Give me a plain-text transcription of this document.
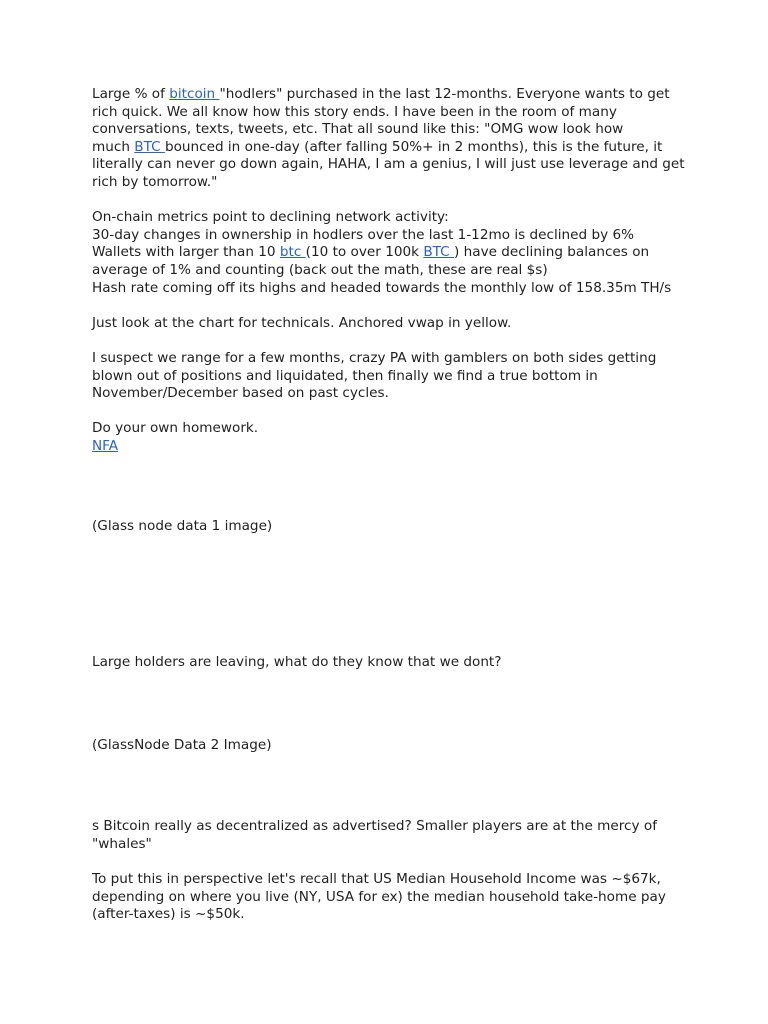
Large % of bitcoin "hodlers" purchased in the last 12-months. Everyone wants to get

rich quick. We all know how this story ends. I have been in the room of many

conversations, texts, tweets, etc. That all sound like this: "OMG wow look how

much BTC bounced in one-day (after falling 50%+ in 2 months), this is the future, it

literally can never go down again, HAHA, I am a genius, I will just use leverage and get

rich by tomorrow."

On-chain metrics point to declining network activity:

30-day changes in ownership in hodlers over the last 1-12mo is declined by 6%

Wallets with larger than 10 btc (10 to over 100k BTC ) have declining balances on

average of 1% and counting (back out the math, these are real $s)

Hash rate coming off its highs and headed towards the monthly low of 158.35m TH/s

Just look at the chart for technicals. Anchored vwap in yellow.

I suspect we range for a few months, crazy PA with gamblers on both sides getting

blown out of positions and liquidated, then finally we find a true bottom in

November/December based on past cycles.

Do your own homework.

NFA

(Glass node data 1 image)

Large holders are leaving, what do they know that we dont?

(GlassNode Data 2 Image)

s Bitcoin really as decentralized as advertised? Smaller players are at the mercy of

"whales"

To put this in perspective let's recall that US Median Household Income was ~$67k,

depending on where you live (NY, USA for ex) the median household take-home pay

(after-taxes) is ~$50k.
